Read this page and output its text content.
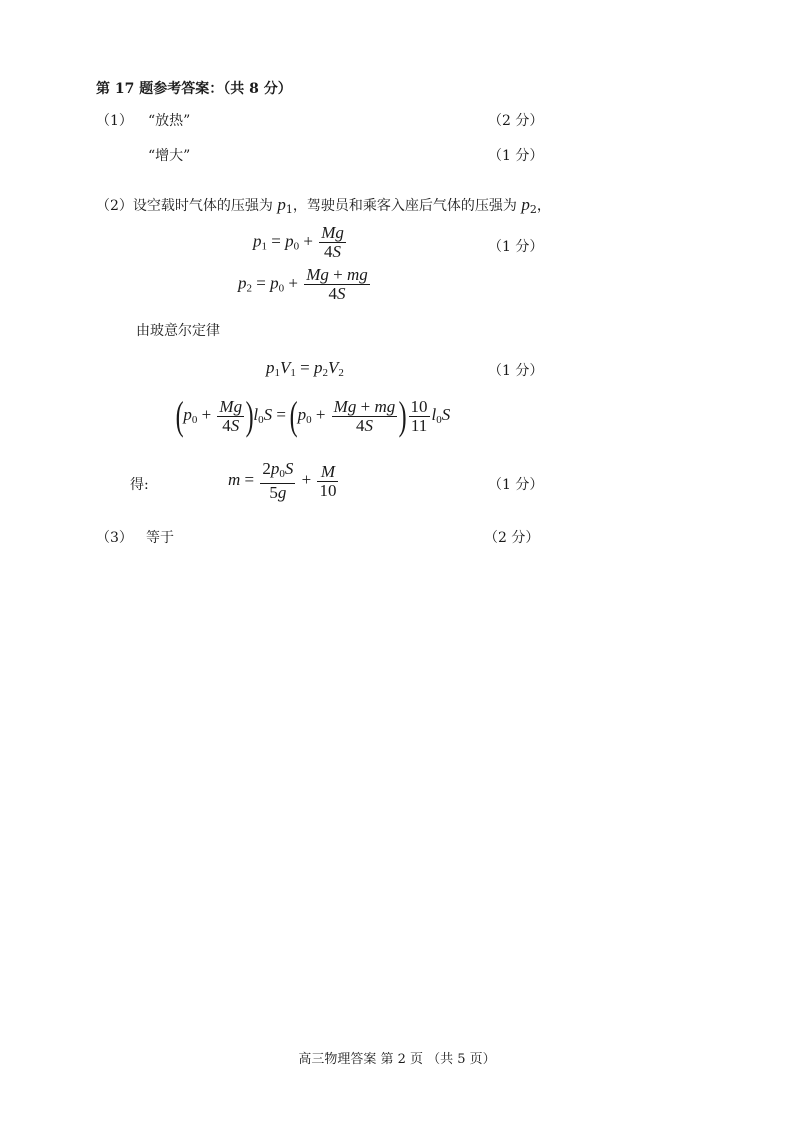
第 17 题参考答案：（共 8 分）
（1） “放热”	（2 分）
“增大”	（1 分）
（2）设空载时气体的压强为 $p_1$，驾驶员和乘客入座后气体的压强为 $p_2$，
$p_1 = p_0 + \frac{Mg}{4S}$	（1 分）
$p_2 = p_0 + \frac{Mg + mg}{4S}$
由玻意尔定律
$p_1V_1 = p_2V_2$	（1 分）
$(p_0 + \frac{Mg}{4S} )l_0S = (p_0 + \frac{Mg + mg}{4S}$ ) $\frac{10}{11} l_0S$
得:	$m = \frac{2p_0S}{5g} + \frac{M}{10}$	（1 分）
（3） 等于	（2 分）
高三物理答案 第 2 页 （共 5 页）
